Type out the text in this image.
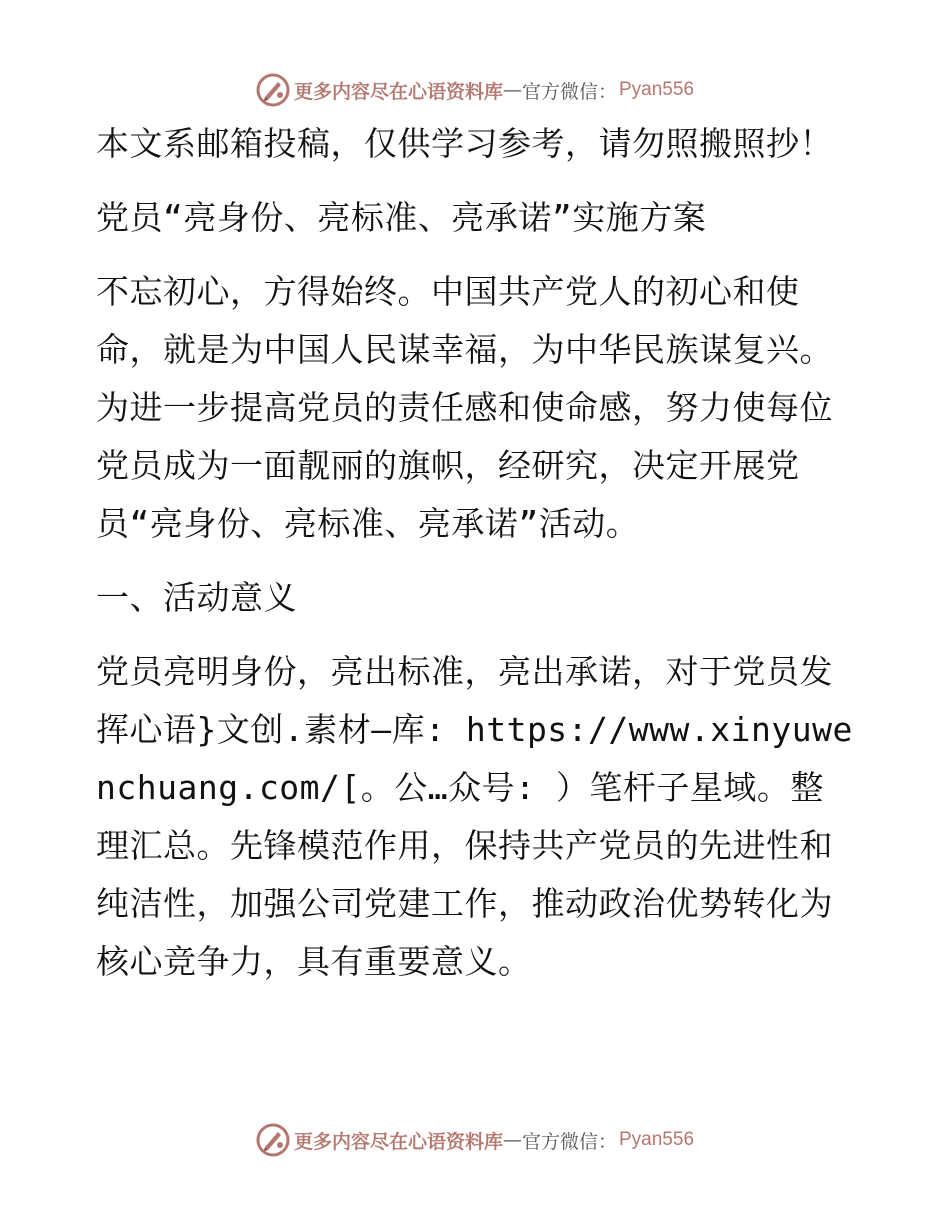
更多内容尽在心语资料库 — 官方微信： Pyan556

本文系邮箱投稿，仅供学习参考，请勿照搬照抄！

党员“亮身份、亮标准、亮承诺”实施方案

不忘初心，方得始终。中国共产党人的初心和使命，就是为中国人民谋幸福，为中华民族谋复兴。为进一步提高党员的责任感和使命感，努力使每位党员成为一面靓丽的旗帜，经研究，决定开展党员“亮身份、亮标准、亮承诺”活动。

一、活动意义

党员亮明身份，亮出标准，亮出承诺，对于党员发挥心语}文创.素材—库: https://www.xinyuwenchuang.com/[。公…众号: ）笔杆子星域。整理汇总。先锋模范作用，保持共产党员的先进性和纯洁性，加强公司党建工作，推动政治优势转化为核心竞争力，具有重要意义。

更多内容尽在心语资料库 — 官方微信： Pyan556
